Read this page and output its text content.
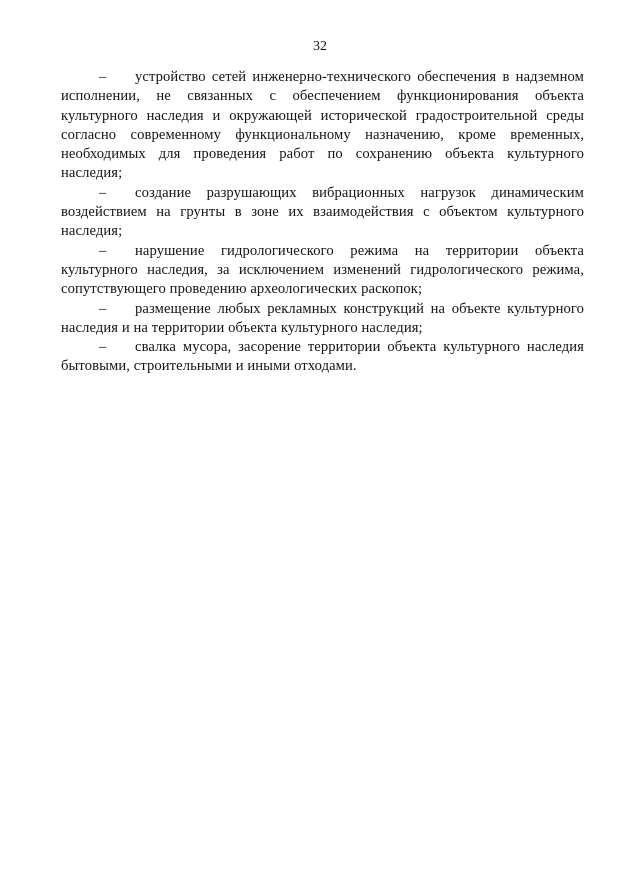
32

– устройство сетей инженерно-технического обеспечения в надземном исполнении, не связанных с обеспечением функционирования объекта культурного наследия и окружающей исторической градостроительной среды согласно современному функциональному назначению, кроме временных, необходимых для проведения работ по сохранению объекта культурного наследия;

– создание разрушающих вибрационных нагрузок динамическим воздействием на грунты в зоне их взаимодействия с объектом культурного наследия;

– нарушение гидрологического режима на территории объекта культурного наследия, за исключением изменений гидрологического режима, сопутствующего проведению археологических раскопок;

– размещение любых рекламных конструкций на объекте культурного наследия и на территории объекта культурного наследия;

– свалка мусора, засорение территории объекта культурного наследия бытовыми, строительными и иными отходами.
